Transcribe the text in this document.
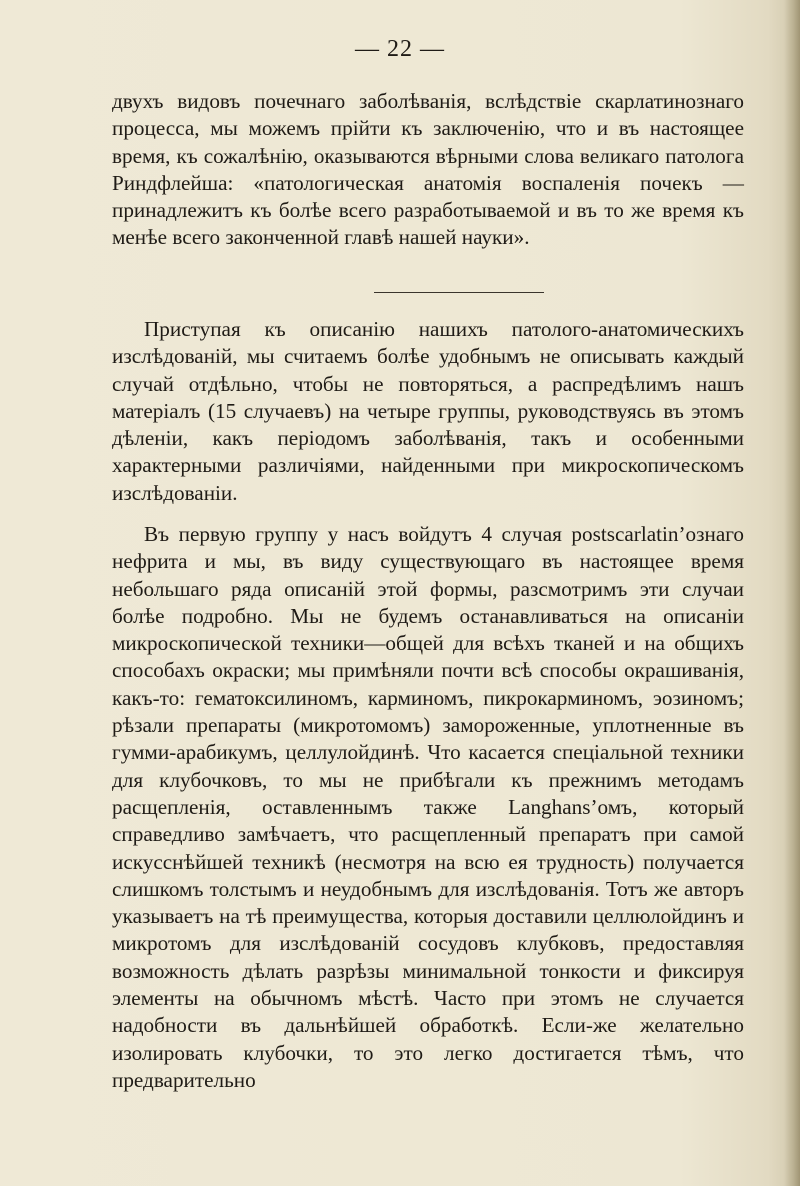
— 22 —

двухъ видовъ почечнаго заболѣванія, вслѣдствіе скарлатинознаго процесса, мы можемъ прійти къ заключенію, что и въ настоящее время, къ сожалѣнію, оказываются вѣрными слова великаго патолога Риндфлейша: «патологическая анатомія воспаленія почекъ — принадлежитъ къ болѣе всего разработываемой и въ то же время къ менѣе всего законченной главѣ нашей науки».

Приступая къ описанію нашихъ патолого-анатомическихъ изслѣдованій, мы считаемъ болѣе удобнымъ не описывать каждый случай отдѣльно, чтобы не повторяться, а распредѣлимъ нашъ матеріалъ (15 случаевъ) на четыре группы, руководствуясь въ этомъ дѣленіи, какъ періодомъ заболѣванія, такъ и особенными характерными различіями, найденными при микроскопическомъ изслѣдованіи.

Въ первую группу у насъ войдутъ 4 случая postscarlatin’ознаго нефрита и мы, въ виду существующаго въ настоящее время небольшаго ряда описаній этой формы, разсмотримъ эти случаи болѣе подробно. Мы не будемъ останавливаться на описаніи микроскопической техники—общей для всѣхъ тканей и на общихъ способахъ окраски; мы примѣняли почти всѣ способы окрашиванія, какъ-то: гематоксилиномъ, карминомъ, пикрокарминомъ, эозиномъ; рѣзали препараты (микротомомъ) замороженные, уплотненные въ гумми-арабикумъ, целлулойдинѣ. Что касается спеціальной техники для клубочковъ, то мы не прибѣгали къ прежнимъ методамъ расщепленія, оставленнымъ также Langhans’омъ, который справедливо замѣчаетъ, что расщепленный препаратъ при самой искусснѣйшей техникѣ (несмотря на всю ея трудность) получается слишкомъ толстымъ и неудобнымъ для изслѣдованія. Тотъ же авторъ указываетъ на тѣ преимущества, которыя доставили целлюлойдинъ и микротомъ для изслѣдованій сосудовъ клубковъ, предоставляя возможность дѣлать разрѣзы минимальной тонкости и фиксируя элементы на обычномъ мѣстѣ. Часто при этомъ не случается надобности въ дальнѣйшей обработкѣ. Если-же желательно изолировать клубочки, то это легко достигается тѣмъ, что предварительно
